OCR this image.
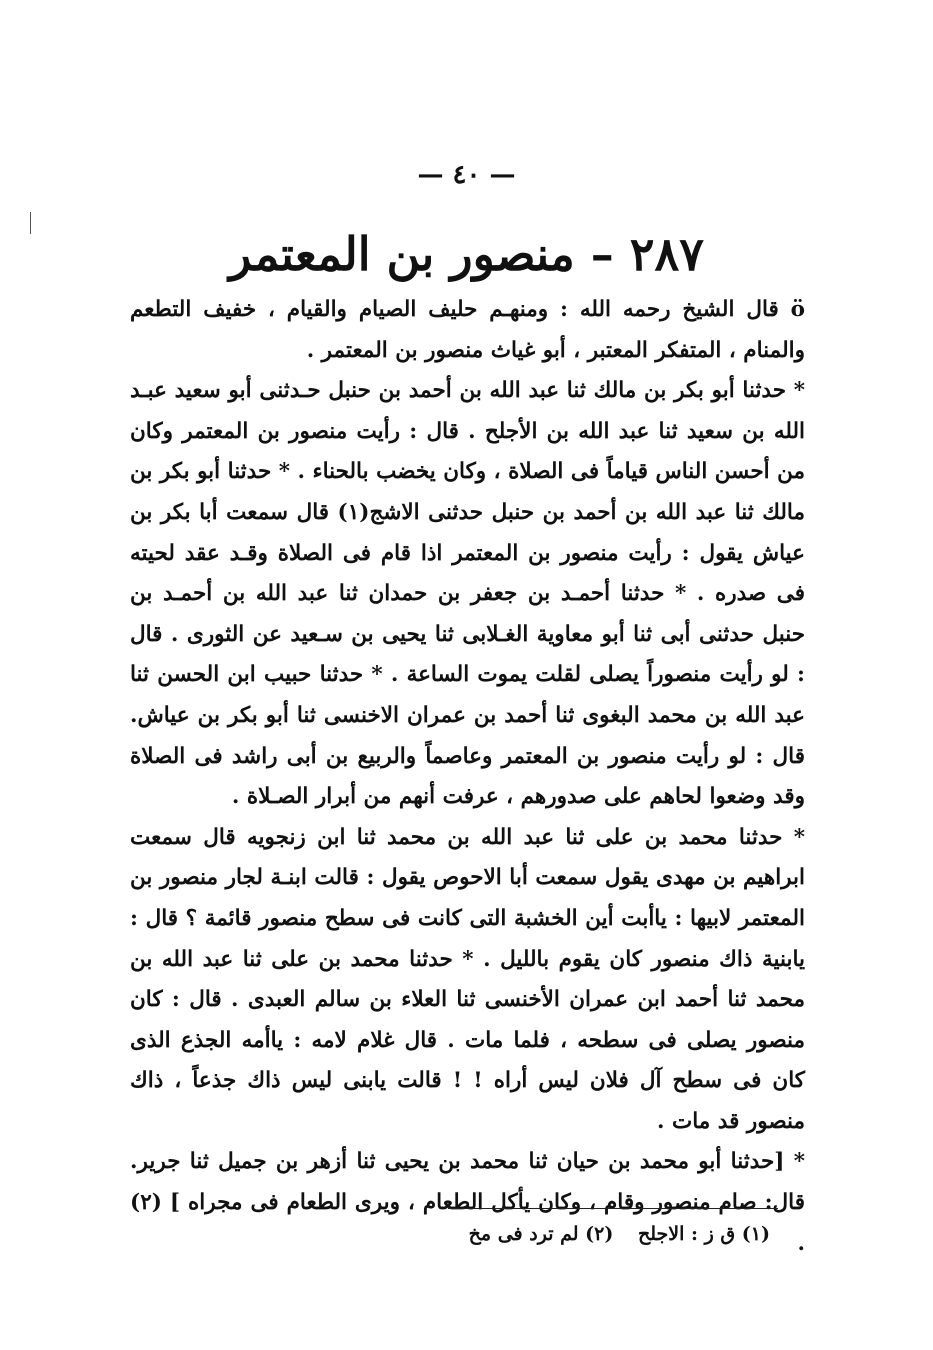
— ٤٠ —
٢٨٧ – منصور بن المعتمر

ö قال الشيخ رحمه الله : ومنهـم حليف الصيام والقيام ، خفيف التطعم والمنام ، المتفكر المعتبر ، أبو غياث منصور بن المعتمر .

* حدثنا أبو بكر بن مالك ثنا عبد الله بن أحمد بن حنبل حـدثنى أبو سعيد عبـد الله بن سعيد ثنا عبد الله بن الأجلح . قال : رأيت منصور بن المعتمر وكان من أحسن الناس قياماً فى الصلاة ، وكان يخضب بالحناء . * حدثنا أبو بكر بن مالك ثنا عبد الله بن أحمد بن حنبل حدثنى الاشج(١) قال سمعت أبا بكر بن عياش يقول : رأيت منصور بن المعتمر اذا قام فى الصلاة وقـد عقد لحيته فى صدره . * حدثنا أحمـد بن جعفر بن حمدان ثنا عبد الله بن أحمـد بن حنبل حدثنى أبى ثنا أبو معاوية الغـلابى ثنا يحيى بن سـعيد عن الثورى . قال : لو رأيت منصوراً يصلى لقلت يموت الساعة . * حدثنا حبيب ابن الحسن ثنا عبد الله بن محمد البغوى ثنا أحمد بن عمران الاخنسى ثنا أبو بكر بن عياش. قال : لو رأيت منصور بن المعتمر وعاصماً والربيع بن أبى راشد فى الصلاة وقد وضعوا لحاهم على صدورهم ، عرفت أنهم من أبرار الصـلاة .

* حدثنا محمد بن على ثنا عبد الله بن محمد ثنا ابن زنجويه قال سمعت ابراهيم بن مهدى يقول سمعت أبا الاحوص يقول : قالت ابنـة لجار منصور بن المعتمر لابيها : ياأبت أين الخشبة التى كانت فى سطح منصور قائمة ؟ قال : يابنية ذاك منصور كان يقوم بالليل . * حدثنا محمد بن على ثنا عبد الله بن محمد ثنا أحمد ابن عمران الأخنسى ثنا العلاء بن سالم العبدى . قال : كان منصور يصلى فى سطحه ، فلما مات . قال غلام لامه : ياأمه الجذع الذى كان فى سطح آل فلان ليس أراه ! ! قالت يابنى ليس ذاك جذعاً ، ذاك منصور قد مات .

* [حدثنا أبو محمد بن حيان ثنا محمد بن يحيى ثنا أزهر بن جميل ثنا جرير. قال: صام منصور وقام ، وكان يأكل الطعام ، ويرى الطعام فى مجراه ] (٢) .

(١) ق ز : الاجلح (٢) لم ترد فى مخ
